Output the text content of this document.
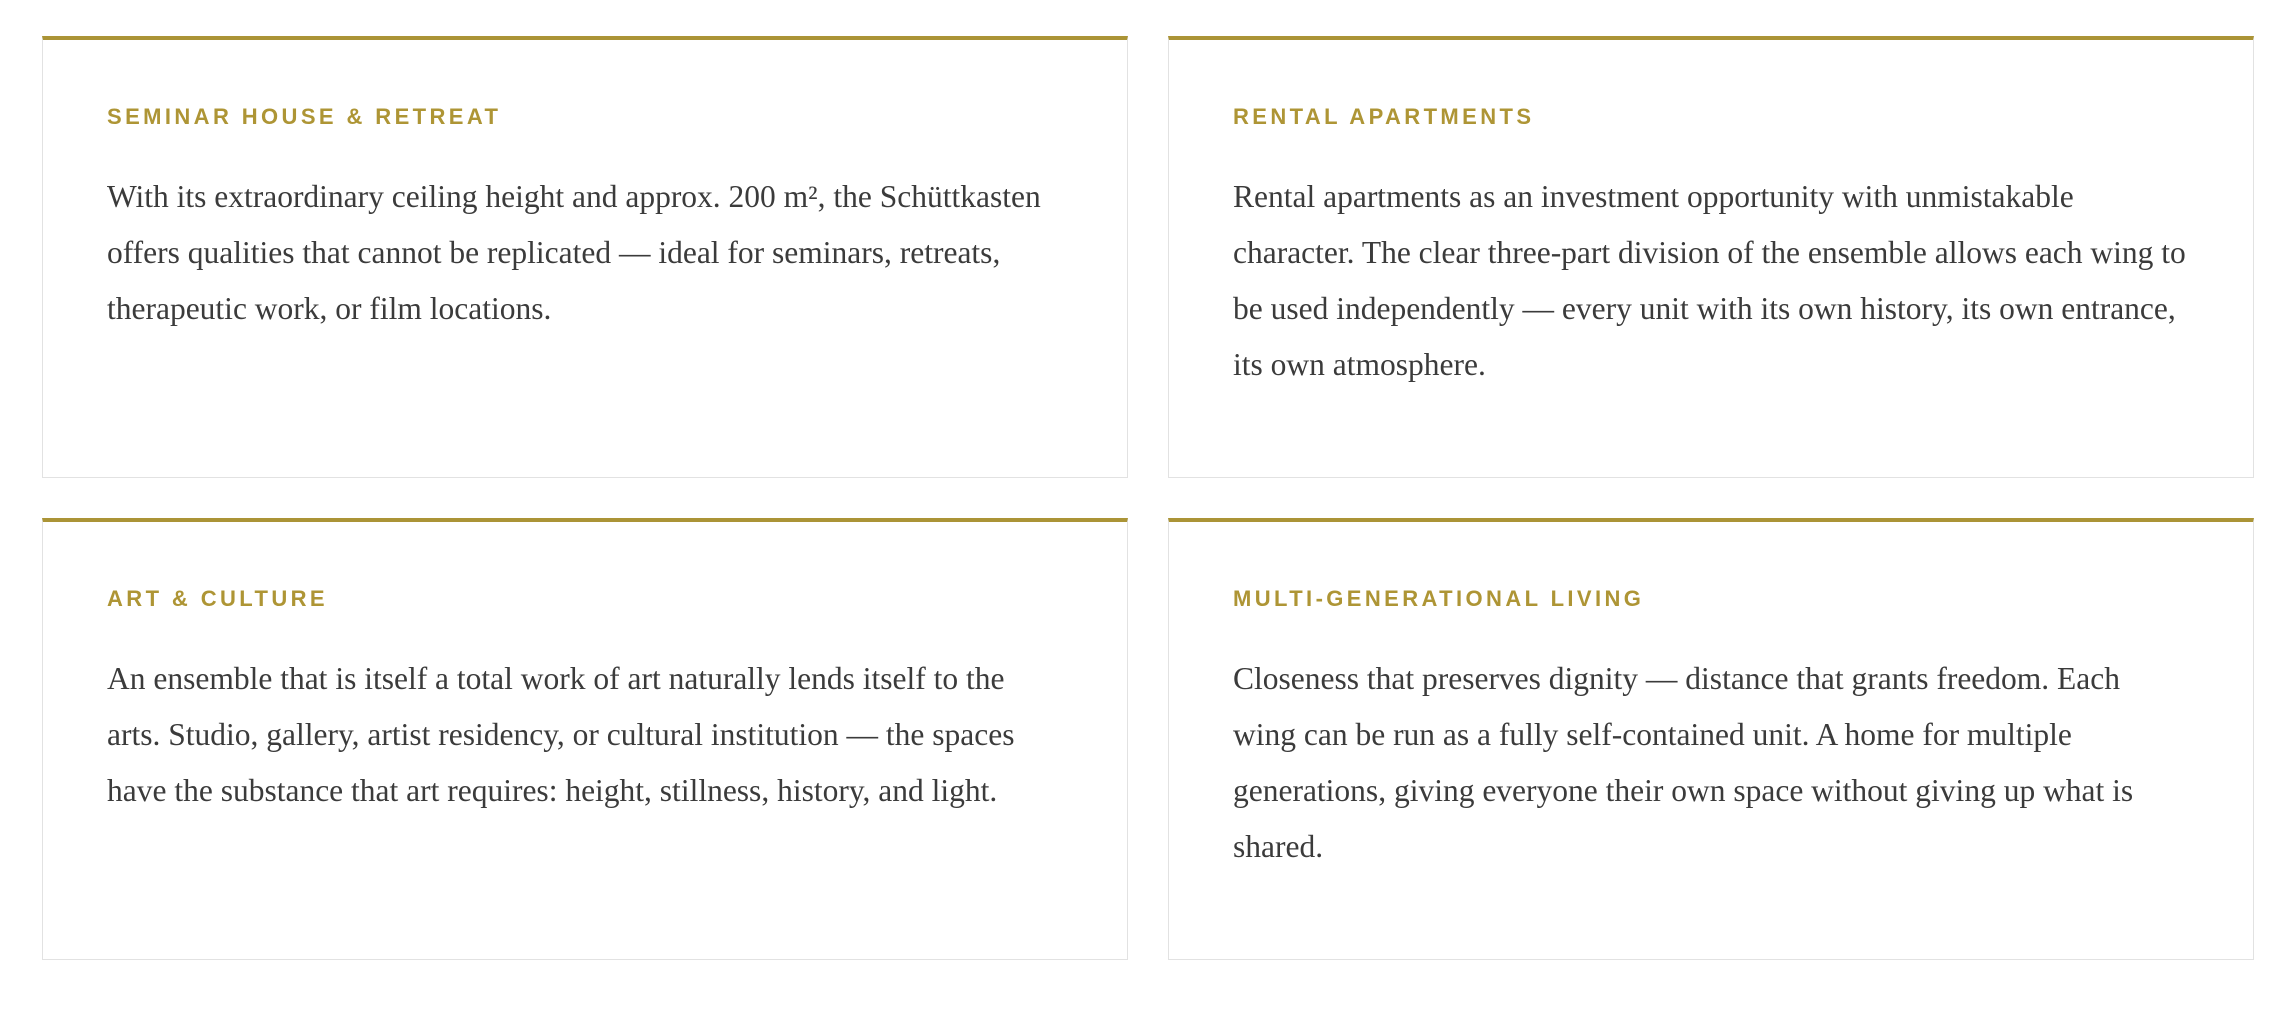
SEMINAR HOUSE & RETREAT

With its extraordinary ceiling height and approx. 200 m², the Schüttkasten offers qualities that cannot be replicated — ideal for seminars, retreats, therapeutic work, or film locations.

RENTAL APARTMENTS

Rental apartments as an investment opportunity with unmistakable character. The clear three-part division of the ensemble allows each wing to be used independently — every unit with its own history, its own entrance, its own atmosphere.

ART & CULTURE

An ensemble that is itself a total work of art naturally lends itself to the arts. Studio, gallery, artist residency, or cultural institution — the spaces have the substance that art requires: height, stillness, history, and light.

MULTI-GENERATIONAL LIVING

Closeness that preserves dignity — distance that grants freedom. Each wing can be run as a fully self-contained unit. A home for multiple generations, giving everyone their own space without giving up what is shared.
